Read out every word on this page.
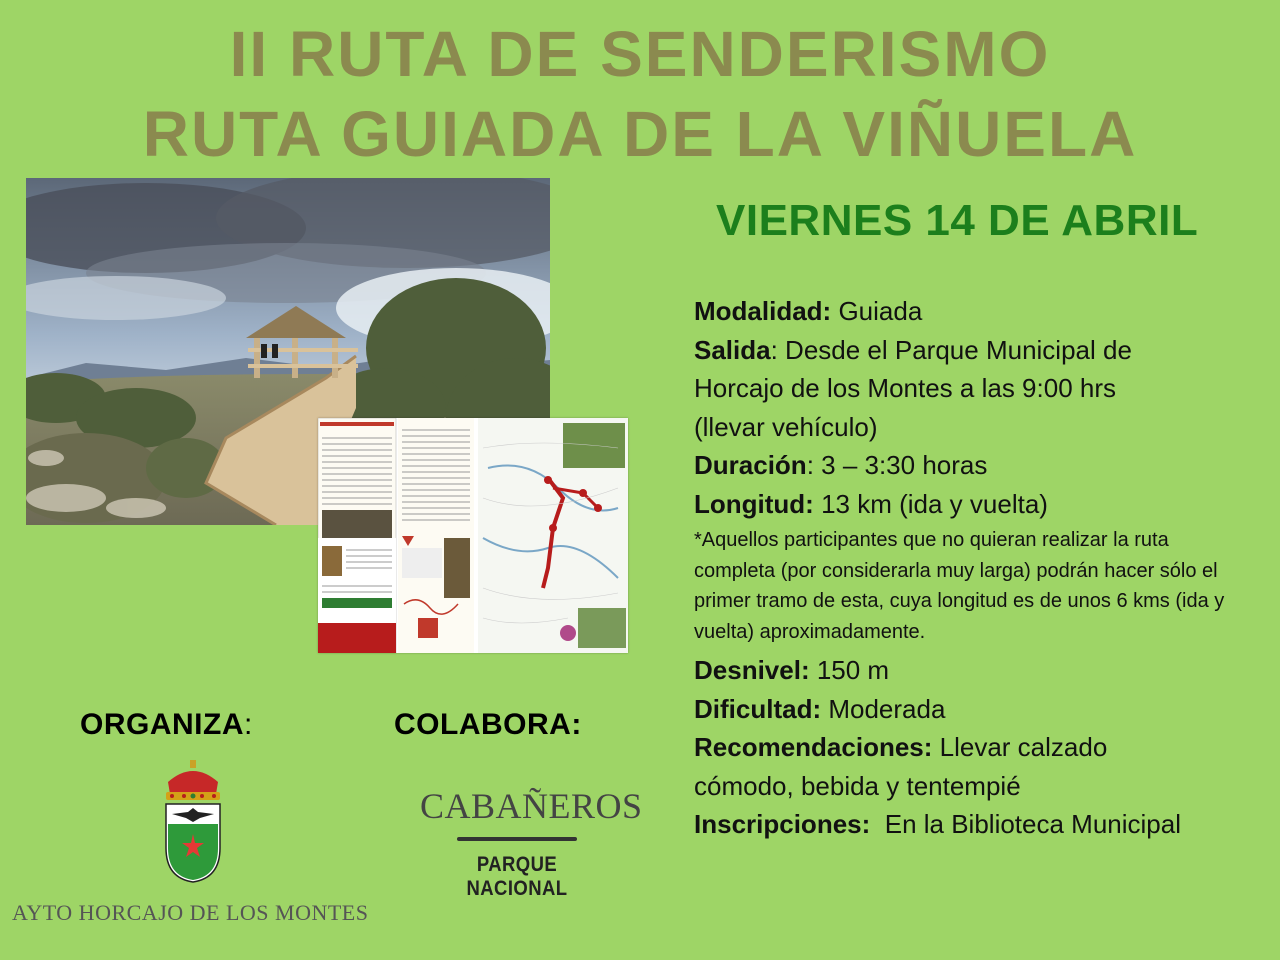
II RUTA DE SENDERISMO
RUTA GUIADA DE LA VIÑUELA
VIERNES 14 DE ABRIL
Modalidad: Guiada
Salida: Desde el Parque Municipal de
Horcajo de los Montes a las 9:00 hrs
(llevar vehículo)
Duración: 3 – 3:30 horas
Longitud: 13 km (ida y vuelta)
*Aquellos participantes que no quieran realizar la ruta completa (por considerarla muy larga) podrán hacer sólo el primer tramo de esta, cuya longitud es de unos 6 kms (ida y vuelta) aproximadamente.
Desnivel: 150 m
Dificultad: Moderada
Recomendaciones: Llevar calzado
cómodo, bebida y tentempié
Inscripciones:  En la Biblioteca Municipal
ORGANIZA:	COLABORA:
AYTO HORCAJO DE LOS MONTES
CABAÑEROS
PARQUE NACIONAL
